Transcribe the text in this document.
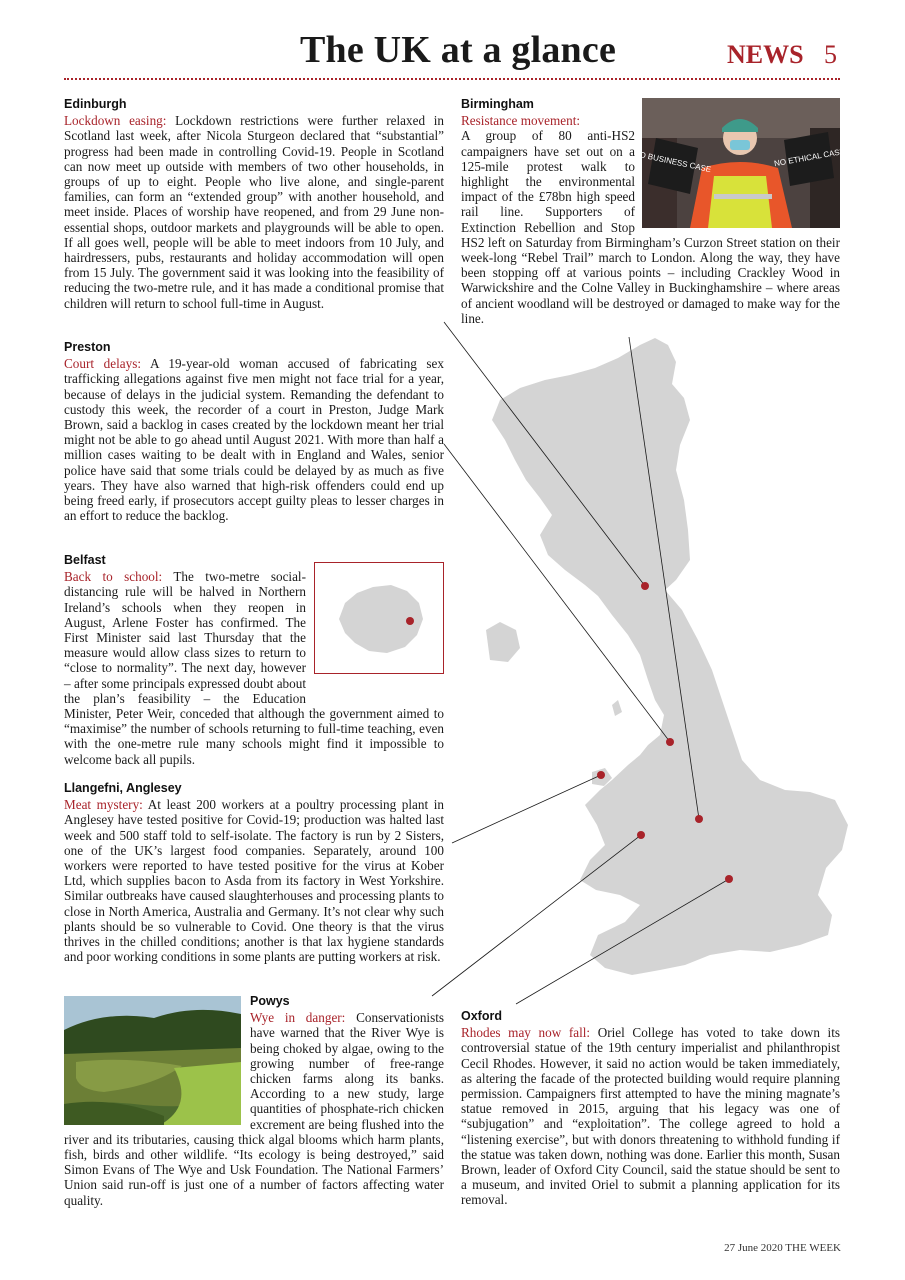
The UK at a glance	NEWS 5
Edinburgh

Lockdown easing: Lockdown restrictions were further relaxed in Scotland last week, after Nicola Sturgeon declared that “substantial” progress had been made in controlling Covid-19. People in Scotland can now meet up outside with members of two other households, in groups of up to eight. People who live alone, and single-parent families, can form an “extended group” with another household, and meet inside. Places of worship have reopened, and from 29 June non-essential shops, outdoor markets and playgrounds will be able to open. If all goes well, people will be able to meet indoors from 10 July, and hairdressers, pubs, restaurants and holiday accommodation will open from 15 July. The government said it was looking into the feasibility of reducing the two-metre rule, and it has made a conditional promise that children will return to school full-time in August.

Preston

Court delays: A 19-year-old woman accused of fabricating sex trafficking allegations against five men might not face trial for a year, because of delays in the judicial system. Remanding the defendant to custody this week, the recorder of a court in Preston, Judge Mark Brown, said a backlog in cases created by the lockdown meant her trial might not be able to go ahead until August 2021. With more than half a million cases waiting to be dealt with in England and Wales, senior police have said that some trials could be delayed by as much as five years. They have also warned that high-risk offenders could end up being freed early, if prosecutors accept guilty pleas to lesser charges in an effort to reduce the backlog.

Belfast

Back to school: The two-metre social-distancing rule will be halved in Northern Ireland’s schools when they reopen in August, Arlene Foster has confirmed. The First Minister said last Thursday that the measure would allow class sizes to return to “close to normality”. The next day, however – after some principals expressed doubt about the plan’s feasibility – the Education Minister, Peter Weir, conceded that although the government aimed to “maximise” the number of schools returning to full-time teaching, even with the one-metre rule many schools might find it impossible to welcome back all pupils.

Llangefni, Anglesey

Meat mystery: At least 200 workers at a poultry processing plant in Anglesey have tested positive for Covid-19; production was halted last week and 500 staff told to self-isolate. The factory is run by 2 Sisters, one of the UK’s largest food companies. Separately, around 100 workers were reported to have tested positive for the virus at Kober Ltd, which supplies bacon to Asda from its factory in West Yorkshire. Similar outbreaks have caused slaughterhouses and processing plants to close in North America, Australia and Germany. It’s not clear why such plants should be so vulnerable to Covid. One theory is that the virus thrives in the chilled conditions; another is that lax hygiene standards and poor working conditions in some plants are putting workers at risk.

Powys
Wye in danger: Conservationists have warned that the River Wye is being choked by algae, owing to the growing number of free-range chicken farms along its banks. According to a new study, large quantities of phosphate-rich chicken excrement are being flushed into the river and its tributaries, causing thick algal blooms which harm plants, fish, birds and other wildlife. “Its ecology is being destroyed,” said Simon Evans of The Wye and Usk Foundation. The National Farmers’ Union said run-off is just one of a number of factors affecting water quality.

NO BUSINESS CASE	NO ETHICAL CASE
Birmingham

Resistance movement:
A group of 80 anti-HS2 campaigners have set out on a 125-mile protest walk to highlight the environmental impact of the £78bn high speed rail line. Supporters of Extinction Rebellion and Stop HS2 left on Saturday from Birmingham’s Curzon Street station on their week-long “Rebel Trail” march to London. Along the way, they have been stopping off at various points – including Crackley Wood in Warwickshire and the Colne Valley in Buckinghamshire – where areas of ancient woodland will be destroyed or damaged to make way for the line.

Oxford

Rhodes may now fall: Oriel College has voted to take down its controversial statue of the 19th century imperialist and philanthropist Cecil Rhodes. However, it said no action would be taken immediately, as altering the facade of the protected building would require planning permission. Campaigners first attempted to have the mining magnate’s statue removed in 2015, arguing that his legacy was one of “subjugation” and “exploitation”. The college agreed to hold a “listening exercise”, but with donors threatening to withhold funding if the statue was taken down, nothing was done. Earlier this month, Susan Brown, leader of Oxford City Council, said the statue should be sent to a museum, and invited Oriel to submit a planning application for its removal.

27 June 2020 THE WEEK
